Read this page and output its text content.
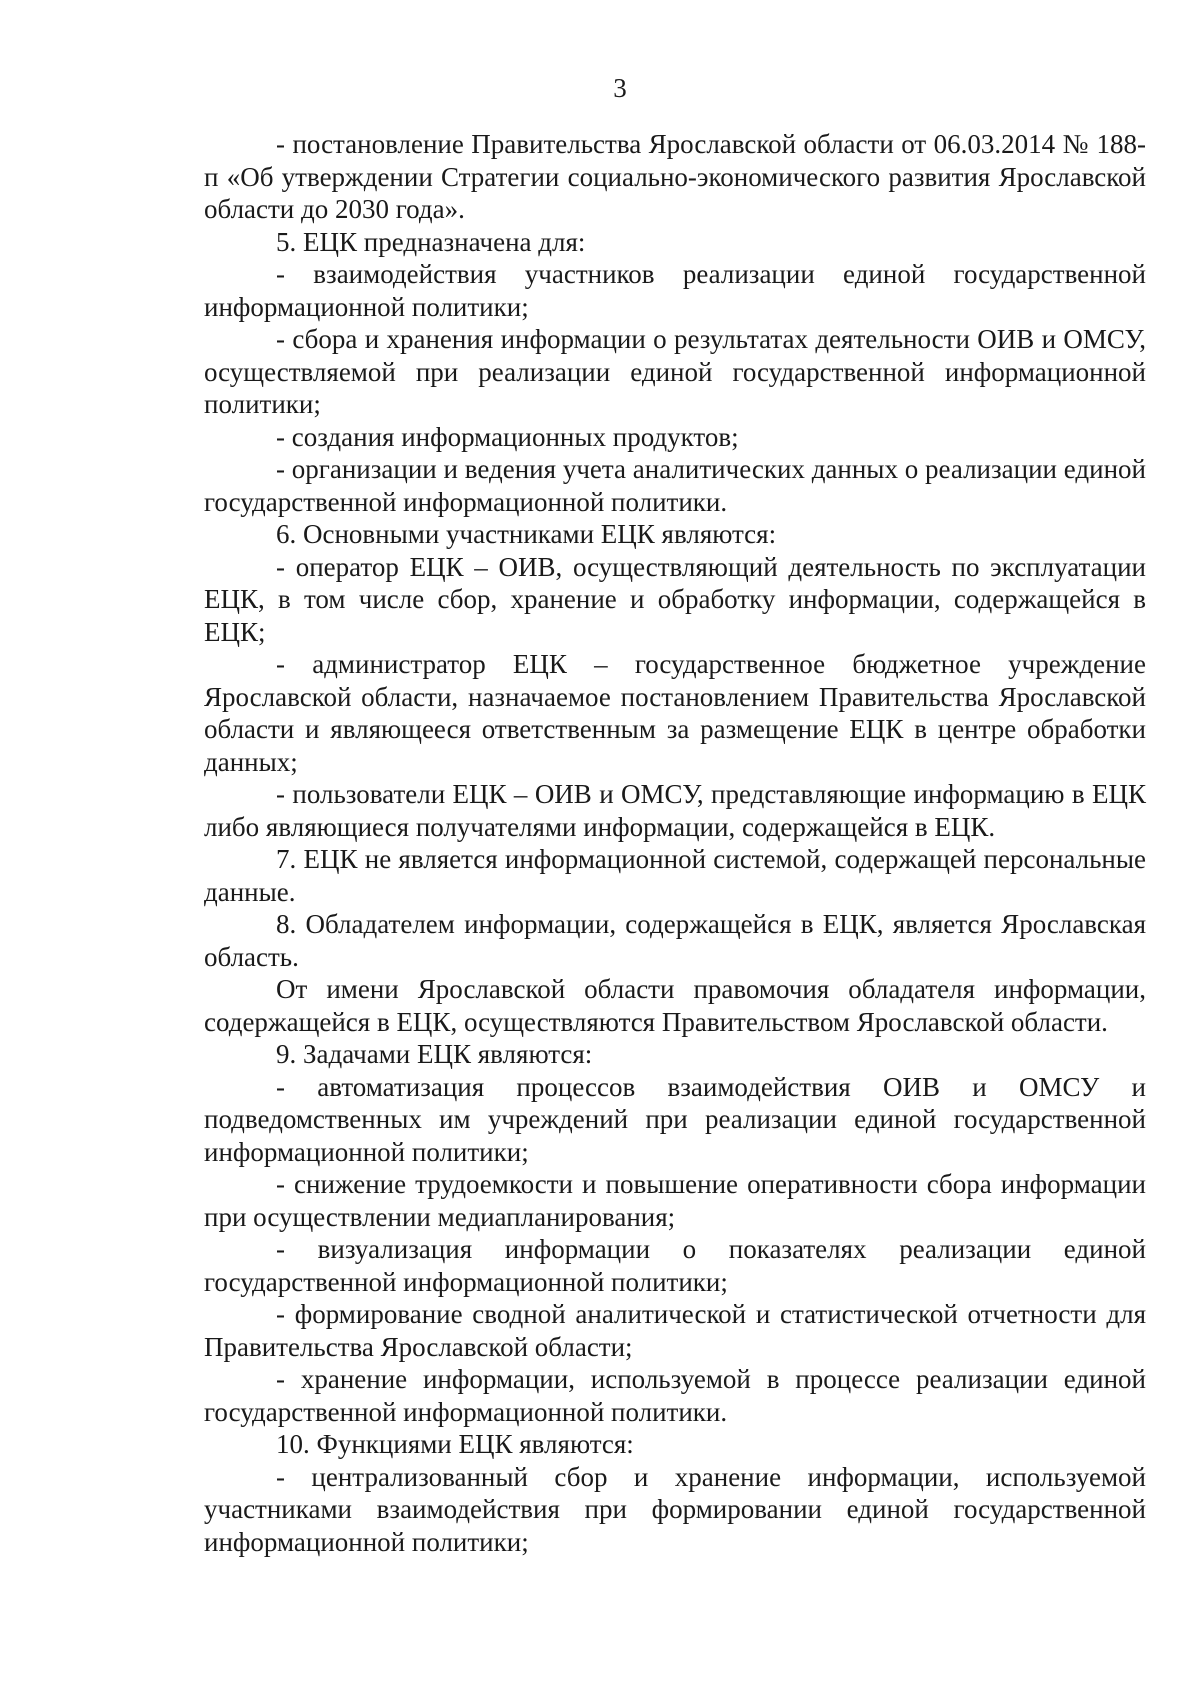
3

- постановление Правительства Ярославской области от 06.03.2014 № 188-п «Об утверждении Стратегии социально-экономического развития Ярославской области до 2030 года».

5. ЕЦК предназначена для:

- взаимодействия участников реализации единой государственной информационной политики;

- сбора и хранения информации о результатах деятельности ОИВ и ОМСУ, осуществляемой при реализации единой государственной информационной политики;

- создания информационных продуктов;

- организации и ведения учета аналитических данных о реализации единой государственной информационной политики.

6. Основными участниками ЕЦК являются:

- оператор ЕЦК – ОИВ, осуществляющий деятельность по эксплуатации ЕЦК, в том числе сбор, хранение и обработку информации, содержащейся в ЕЦК;

- администратор ЕЦК – государственное бюджетное учреждение Ярославской области, назначаемое постановлением Правительства Ярославской области и являющееся ответственным за размещение ЕЦК в центре обработки данных;

- пользователи ЕЦК – ОИВ и ОМСУ, представляющие информацию в ЕЦК либо являющиеся получателями информации, содержащейся в ЕЦК.

7. ЕЦК не является информационной системой, содержащей персональные данные.

8. Обладателем информации, содержащейся в ЕЦК, является Ярославская область.

От имени Ярославской области правомочия обладателя информации, содержащейся в ЕЦК, осуществляются Правительством Ярославской области.

9. Задачами ЕЦК являются:

- автоматизация процессов взаимодействия ОИВ и ОМСУ и подведомственных им учреждений при реализации единой государственной информационной политики;

- снижение трудоемкости и повышение оперативности сбора информации при осуществлении медиапланирования;

- визуализация информации о показателях реализации единой государственной информационной политики;

- формирование сводной аналитической и статистической отчетности для Правительства Ярославской области;

- хранение информации, используемой в процессе реализации единой государственной информационной политики.

10. Функциями ЕЦК являются:

- централизованный сбор и хранение информации, используемой участниками взаимодействия при формировании единой государственной информационной политики;
